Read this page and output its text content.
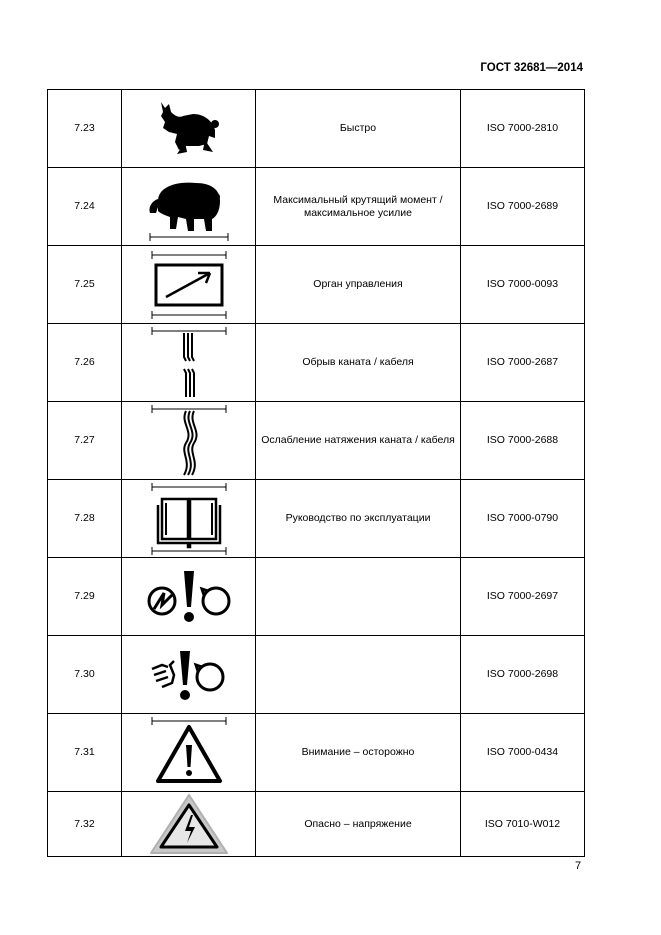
ГОСТ 32681—2014
7.23		Быстро	ISO 7000-2810
7.24		Максимальный крутящий момент / максимальное усилие	ISO 7000-2689
7.25		Орган управления	ISO 7000-0093
7.26		Обрыв каната / кабеля	ISO 7000-2687
7.27		Ослабление натяжения каната / кабеля	ISO 7000-2688
7.28		Руководство по эксплуатации	ISO 7000-0790
7.29			ISO 7000-2697
7.30			ISO 7000-2698
7.31		Внимание – осторожно	ISO 7000-0434
7.32		Опасно – напряжение	ISO 7010-W012
7
